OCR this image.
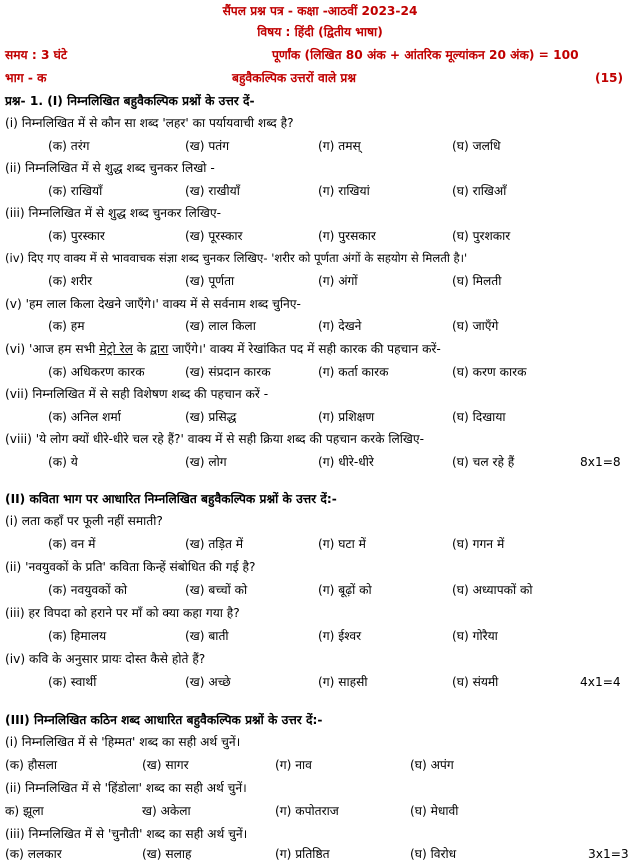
सैंपल प्रश्न पत्र - कक्षा -आठवीं 2023-24
विषय : हिंदी (द्वितीय भाषा)
समय : 3 घंटे	पूर्णांक (लिखित 80 अंक + आंतरिक मूल्यांकन 20 अंक) = 100
भाग - क	बहुवैकल्पिक उत्तरों वाले प्रश्न	(15)
प्रश्न- 1. (I) निम्नलिखित बहुवैकल्पिक प्रश्नों के उत्तर दें-
(i) निम्नलिखित में से कौन सा शब्द 'लहर' का पर्यायवाची शब्द है?
(क) तरंग	(ख) पतंग	(ग) तमस्	(घ) जलधि
(ii) निम्नलिखित में से शुद्ध शब्द चुनकर लिखो -
(क) राखियाँ	(ख) राखीयाँ	(ग) राखियां	(घ) राखिआँ
(iii) निम्नलिखित में से शुद्ध शब्द चुनकर लिखिए-
(क) पुरस्कार	(ख) पूरस्कार	(ग) पुरसकार	(घ) पुरशकार
(iv) दिए गए वाक्य में से भाववाचक संज्ञा शब्द चुनकर लिखिए- 'शरीर को पूर्णता अंगों के सहयोग से मिलती है।'
(क) शरीर	(ख) पूर्णता	(ग) अंगों	(घ) मिलती
(v) 'हम लाल किला देखने जाएँगे।' वाक्य में से सर्वनाम शब्द चुनिए-
(क) हम	(ख) लाल किला	(ग) देखने	(घ) जाएँगे
(vi) 'आज हम सभी मेट्रो रेल के द्वारा जाएँगे।' वाक्य में रेखांकित पद में सही कारक की पहचान करें-
(क) अधिकरण कारक	(ख) संप्रदान कारक	(ग) कर्ता कारक	(घ) करण कारक
(vii) निम्नलिखित में से सही विशेषण शब्द की पहचान करें -
(क) अनिल शर्मा	(ख) प्रसिद्ध	(ग) प्रशिक्षण	(घ) दिखाया
(viii) 'ये लोग क्यों धीरे-धीरे चल रहे हैं?' वाक्य में से सही क्रिया शब्द की पहचान करके लिखिए-
(क) ये	(ख) लोग	(ग) धीरे-धीरे	(घ) चल रहे हैं	8x1=8
(II) कविता भाग पर आधारित निम्नलिखित बहुवैकल्पिक प्रश्नों के उत्तर दें:-
(i) लता कहाँ पर फूली नहीं समाती?
(क) वन में	(ख) तड़ित में	(ग) घटा में	(घ) गगन में
(ii) 'नवयुवकों के प्रति' कविता किन्हें संबोधित की गई है?
(क) नवयुवकों को	(ख) बच्चों को	(ग) बूढ़ों को	(घ) अध्यापकों को
(iii) हर विपदा को हराने पर माँ को क्या कहा गया है?
(क) हिमालय	(ख) बाती	(ग) ईश्वर	(घ) गोरैया
(iv) कवि के अनुसार प्रायः दोस्त कैसे होते हैं?
(क) स्वार्थी	(ख) अच्छे	(ग) साहसी	(घ) संयमी	4x1=4
(III) निम्नलिखित कठिन शब्द आधारित बहुवैकल्पिक प्रश्नों के उत्तर दें:-
(i) निम्नलिखित में से 'हिम्मत' शब्द का सही अर्थ चुनें।
(क) हौसला	(ख) सागर	(ग) नाव	(घ) अपंग
(ii) निम्नलिखित में से 'हिंडोला' शब्द का सही अर्थ चुनें।
क) झूला	ख) अकेला	(ग) कपोतराज	(घ) मेधावी
(iii) निम्नलिखित में से 'चुनौती' शब्द का सही अर्थ चुनें।
(क) ललकार	(ख) सलाह	(ग) प्रतिष्ठित	(घ) विरोध	3x1=3
